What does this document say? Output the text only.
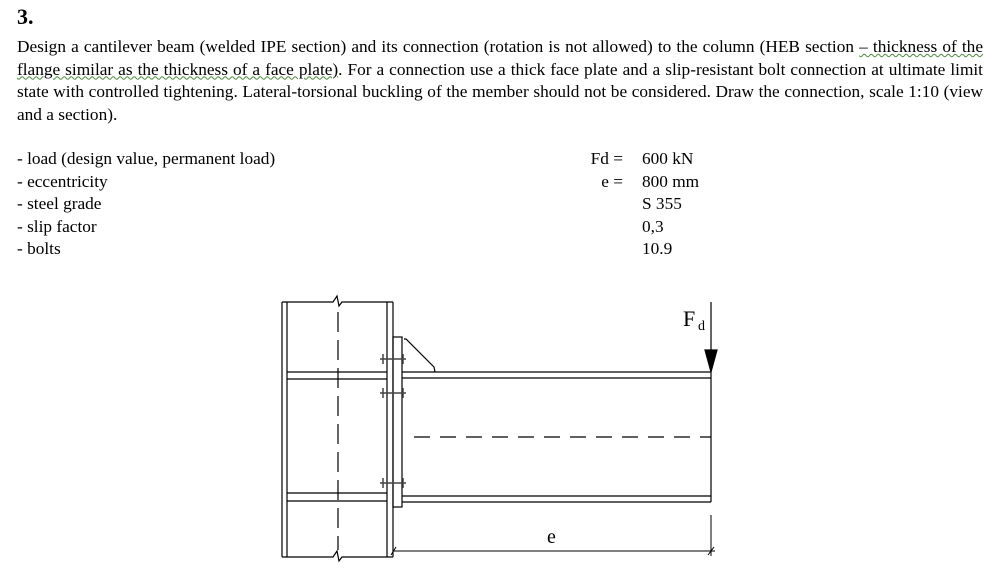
3.
Design a cantilever beam (welded IPE section) and its connection (rotation is not allowed) to the column (HEB section – thickness of the flange similar as the thickness of a face plate). For a connection use a thick face plate and a slip-resistant bolt connection at ultimate limit state with controlled tightening. Lateral-torsional buckling of the member should not be considered. Draw the connection, scale 1:10 (view and a section).
- load (design value, permanent load)
- eccentricity
- steel grade
- slip factor
- bolts
Fd =
e =
600 kN
800 mm
S 355
0,3
10.9
F d
e
